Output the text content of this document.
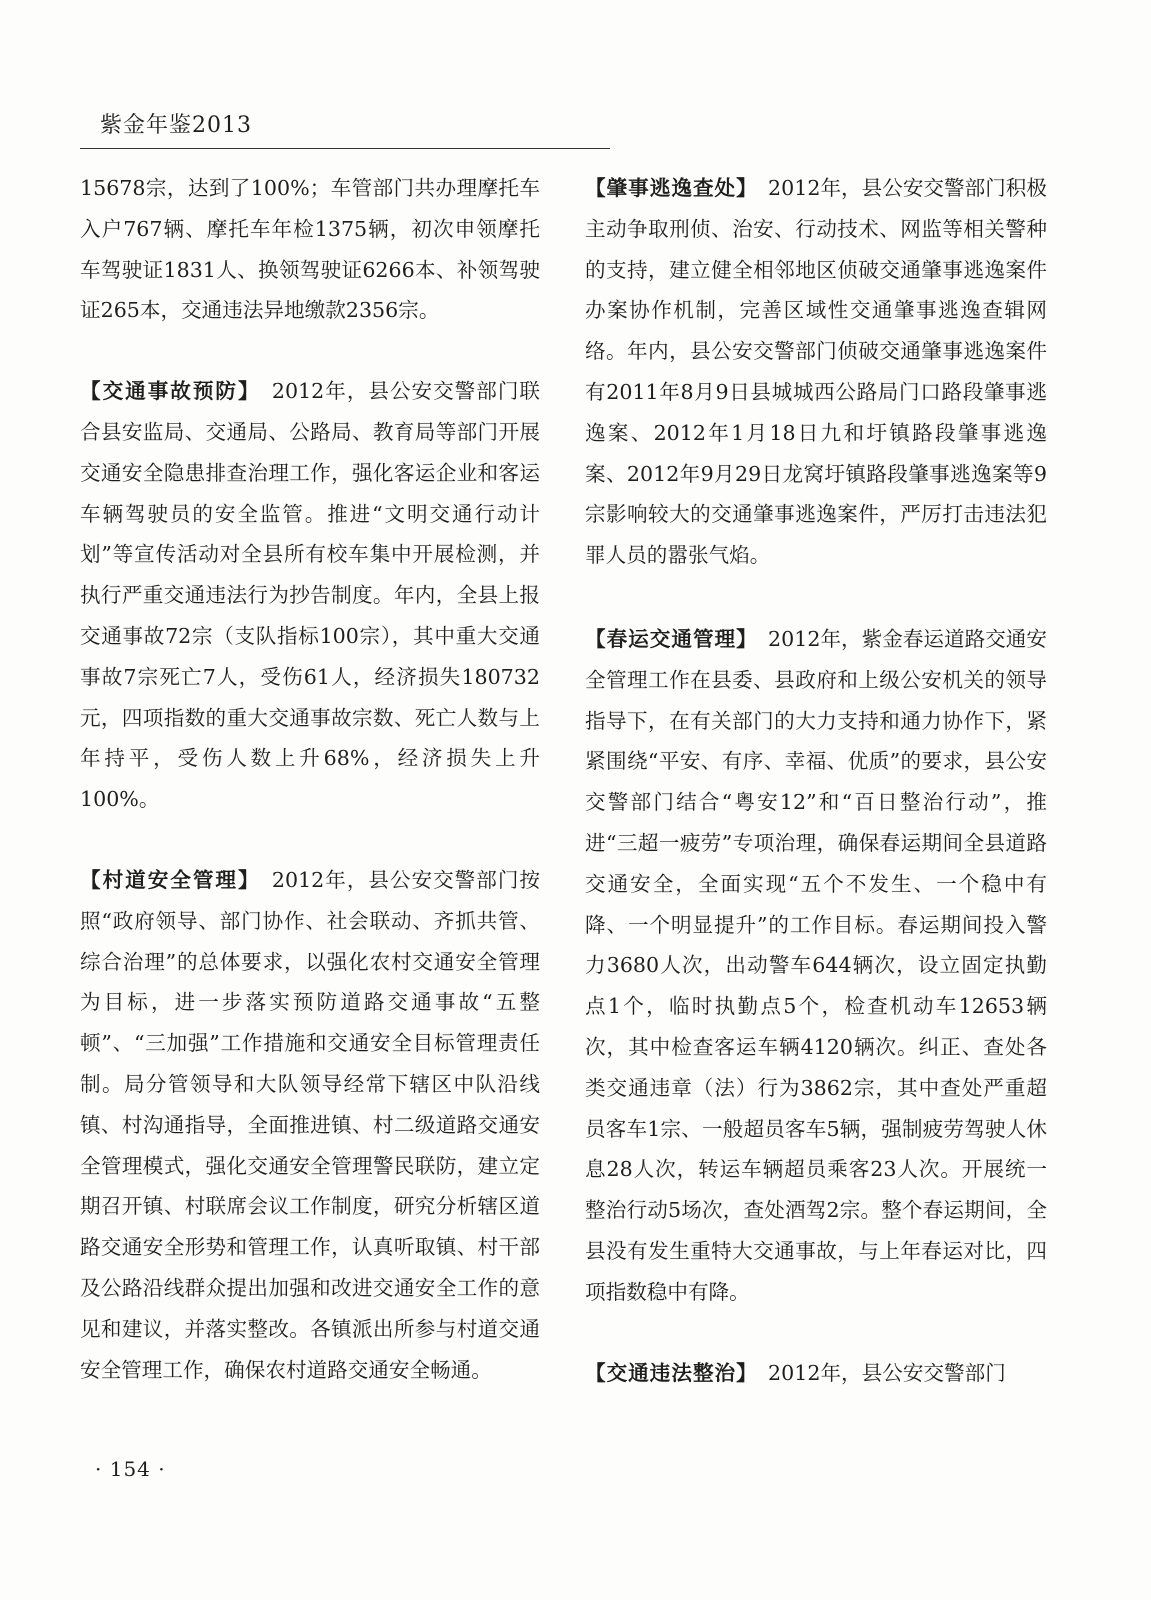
紫金年鉴2013

15678宗，达到了100%；车管部门共办理摩托车入户767辆、摩托车年检1375辆，初次申领摩托车驾驶证1831人、换领驾驶证6266本、补领驾驶证265本，交通违法异地缴款2356宗。

【交通事故预防】　 2012年，县公安交警部门联合县安监局、交通局、公路局、教育局等部门开展交通安全隐患排查治理工作，强化客运企业和客运车辆驾驶员的安全监管。推进“文明交通行动计划”等宣传活动对全县所有校车集中开展检测，并执行严重交通违法行为抄告制度。年内，全县上报交通事故72宗（支队指标100宗），其中重大交通事故7宗死亡7人，受伤61人，经济损失180732元，四项指数的重大交通事故宗数、死亡人数与上年持平，受伤人数上升68%，经济损失上升100%。

【村道安全管理】　 2012年，县公安交警部门按照“政府领导、部门协作、社会联动、齐抓共管、综合治理”的总体要求，以强化农村交通安全管理为目标，进一步落实预防道路交通事故“五整顿”、“三加强”工作措施和交通安全目标管理责任制。局分管领导和大队领导经常下辖区中队沿线镇、村沟通指导，全面推进镇、村二级道路交通安全管理模式，强化交通安全管理警民联防，建立定期召开镇、村联席会议工作制度，研究分析辖区道路交通安全形势和管理工作，认真听取镇、村干部及公路沿线群众提出加强和改进交通安全工作的意见和建议，并落实整改。各镇派出所参与村道交通安全管理工作，确保农村道路交通安全畅通。

【肇事逃逸查处】　 2012年，县公安交警部门积极主动争取刑侦、治安、行动技术、网监等相关警种的支持，建立健全相邻地区侦破交通肇事逃逸案件办案协作机制，完善区域性交通肇事逃逸查辑网络。年内，县公安交警部门侦破交通肇事逃逸案件有2011年8月9日县城城西公路局门口路段肇事逃逸案、2012年1月18日九和圩镇路段肇事逃逸案、2012年9月29日龙窝圩镇路段肇事逃逸案等9宗影响较大的交通肇事逃逸案件，严厉打击违法犯罪人员的嚣张气焰。

【春运交通管理】　 2012年，紫金春运道路交通安全管理工作在县委、县政府和上级公安机关的领导指导下，在有关部门的大力支持和通力协作下，紧紧围绕“平安、有序、幸福、优质”的要求，县公安交警部门结合“粤安12”和“百日整治行动”，推进“三超一疲劳”专项治理，确保春运期间全县道路交通安全，全面实现“五个不发生、一个稳中有降、一个明显提升”的工作目标。春运期间投入警力3680人次，出动警车644辆次，设立固定执勤点1个，临时执勤点5个，检查机动车12653辆次，其中检查客运车辆4120辆次。纠正、查处各类交通违章（法）行为3862宗，其中查处严重超员客车1宗、一般超员客车5辆，强制疲劳驾驶人休息28人次，转运车辆超员乘客23人次。开展统一整治行动5场次，查处酒驾2宗。整个春运期间，全县没有发生重特大交通事故，与上年春运对比，四项指数稳中有降。

【交通违法整治】　 2012年，县公安交警部门

· 154 ·
